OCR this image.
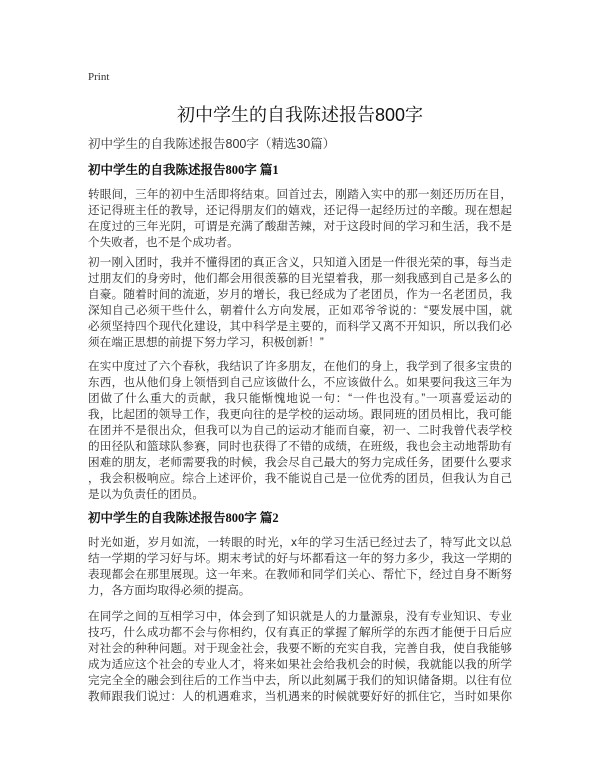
Print
初中学生的自我陈述报告800字
初中学生的自我陈述报告800字（精选30篇）
初中学生的自我陈述报告800字 篇1
转眼间，三年的初中生活即将结束。回首过去，刚踏入实中的那一刻还历历在目，
还记得班主任的教导，还记得朋友们的嬉戏，还记得一起经历过的辛酸。现在想起
在度过的三年光阴，可谓是充满了酸甜苦辣，对于这段时间的学习和生活，我不是
个失败者，也不是个成功者。
初一刚入团时，我并不懂得团的真正含义，只知道入团是一件很光荣的事，每当走
过朋友们的身旁时，他们都会用很羡慕的目光望着我，那一刻我感到自己是多么的
自豪。随着时间的流逝，岁月的增长，我已经成为了老团员，作为一名老团员，我
深知自己必须干些什么，朝着什么方向发展，正如邓爷爷说的：“要发展中国，就
必须坚持四个现代化建设，其中科学是主要的，而科学又离不开知识，所以我们必
须在端正思想的前提下努力学习，积极创新！”
在实中度过了六个春秋，我结识了许多朋友，在他们的身上，我学到了很多宝贵的
东西，也从他们身上领悟到自己应该做什么，不应该做什么。如果要问我这三年为
团做了什么重大的贡献，我只能惭愧地说一句：“一件也没有。”一项喜爱运动的
我，比起团的领导工作，我更向往的是学校的运动场。跟同班的团员相比，我可能
在团并不是很出众，但我可以为自己的运动才能而自豪，初一、二时我曾代表学校
的田径队和篮球队参赛，同时也获得了不错的成绩，在班级，我也会主动地帮助有
困难的朋友，老师需要我的时候，我会尽自己最大的努力完成任务，团要什么要求
，我会积极响应。综合上述评价，我不能说自己是一位优秀的团员，但我认为自己
是以为负责任的团员。
初中学生的自我陈述报告800字 篇2
时光如逝，岁月如流，一转眼的时光，x年的学习生活已经过去了，特写此文以总
结一学期的学习好与坏。期末考试的好与坏都看这一年的努力多少，我这一学期的
表现都会在那里展现。这一年来。在教师和同学们关心、帮忙下，经过自身不断努
力，各方面均取得必须的提高。
在同学之间的互相学习中，体会到了知识就是人的力量源泉，没有专业知识、专业
技巧，什么成功都不会与你相约，仅有真正的掌握了解所学的东西才能便于日后应
对社会的种种问题。对于现金社会，我要不断的充实自我，完善自我，使自我能够
成为适应这个社会的专业人才，将来如果社会给我机会的时候，我就能以我的所学
完完全全的融会到往后的工作当中去，所以此刻属于我们的知识储备期。以往有位
教师跟我们说过：人的机遇难求，当机遇来的时候就要好好的抓住它，当时如果你
